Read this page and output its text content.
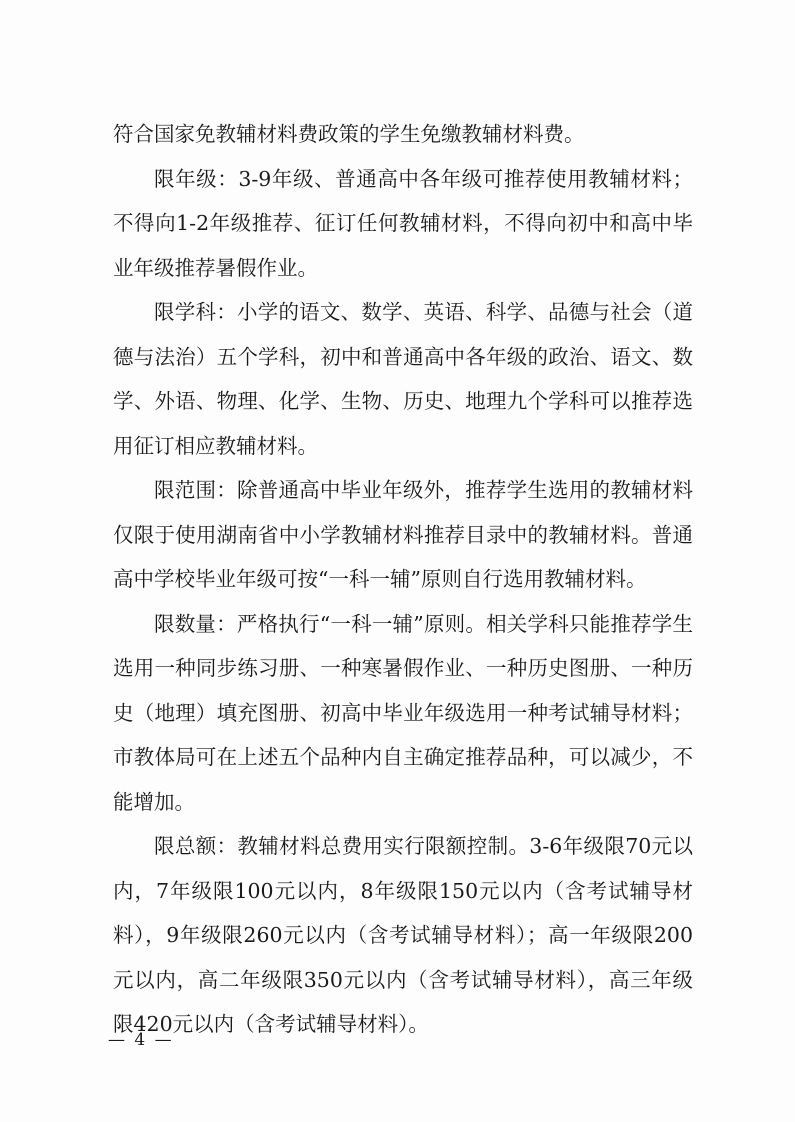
符合国家免教辅材料费政策的学生免缴教辅材料费。

限年级：3-9年级、普通高中各年级可推荐使用教辅材料；不得向1-2年级推荐、征订任何教辅材料，不得向初中和高中毕业年级推荐暑假作业。

限学科：小学的语文、数学、英语、科学、品德与社会（道德与法治）五个学科，初中和普通高中各年级的政治、语文、数学、外语、物理、化学、生物、历史、地理九个学科可以推荐选用征订相应教辅材料。

限范围：除普通高中毕业年级外，推荐学生选用的教辅材料仅限于使用湖南省中小学教辅材料推荐目录中的教辅材料。普通高中学校毕业年级可按“一科一辅”原则自行选用教辅材料。

限数量：严格执行“一科一辅”原则。相关学科只能推荐学生选用一种同步练习册、一种寒暑假作业、一种历史图册、一种历史（地理）填充图册、初高中毕业年级选用一种考试辅导材料；市教体局可在上述五个品种内自主确定推荐品种，可以减少，不能增加。

限总额：教辅材料总费用实行限额控制。3-6年级限70元以内，7年级限100元以内，8年级限150元以内（含考试辅导材料），9年级限260元以内（含考试辅导材料）；高一年级限200元以内，高二年级限350元以内（含考试辅导材料），高三年级限420元以内（含考试辅导材料）。

— 4 —
